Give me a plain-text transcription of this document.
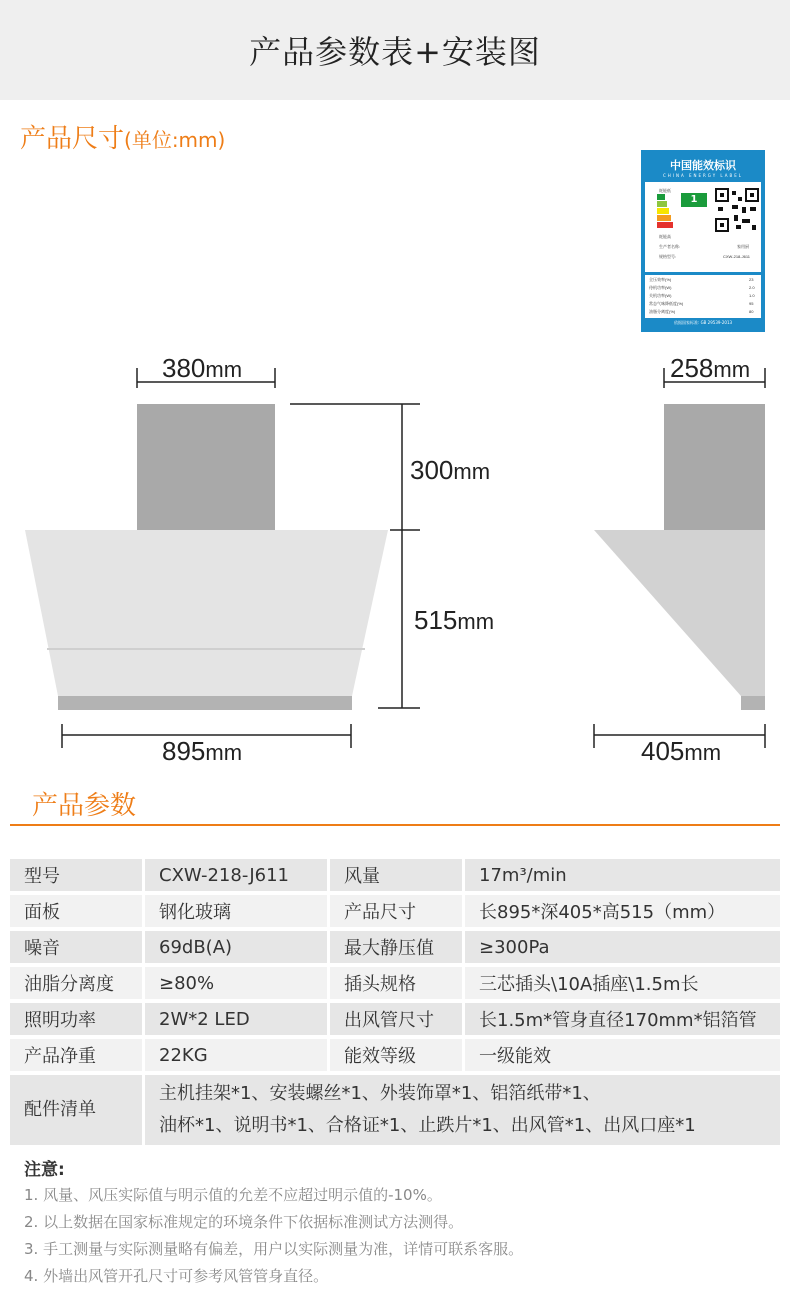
产品参数表+安装图
产品尺寸(单位:mm)
中国能效标识
CHINA ENERGY LABEL
耗能低
1
耗能高
生产者名称:	家用厨
规格型号:	CXW-218-J611
全压效率(%)	23
待机功率(W)	2.0
关机功率(W)	1.0
常态气味降低度(%)	95
油脂分离度(%)	80
依据国家标准: GB 29539-2013
380mm
300mm
515mm
895mm
258mm
405mm
产品参数
型号	CXW-218-J611	风量	17m³/min
面板	钢化玻璃	产品尺寸	长895*深405*高515（mm）
噪音	69dB(A)	最大静压值	≥300Pa
油脂分离度	≥80%	插头规格	三芯插头\10A插座\1.5m长
照明功率	2W*2 LED	出风管尺寸	长1.5m*管身直径170mm*铝箔管
产品净重	22KG	能效等级	一级能效
配件清单	主机挂架*1、安装螺丝*1、外装饰罩*1、铝箔纸带*1、
油杯*1、说明书*1、合格证*1、止跌片*1、出风管*1、出风口座*1		
注意:
1. 风量、风压实际值与明示值的允差不应超过明示值的-10%。
2. 以上数据在国家标准规定的环境条件下依据标准测试方法测得。
3. 手工测量与实际测量略有偏差，用户以实际测量为准，详情可联系客服。
4. 外墙出风管开孔尺寸可参考风管管身直径。
